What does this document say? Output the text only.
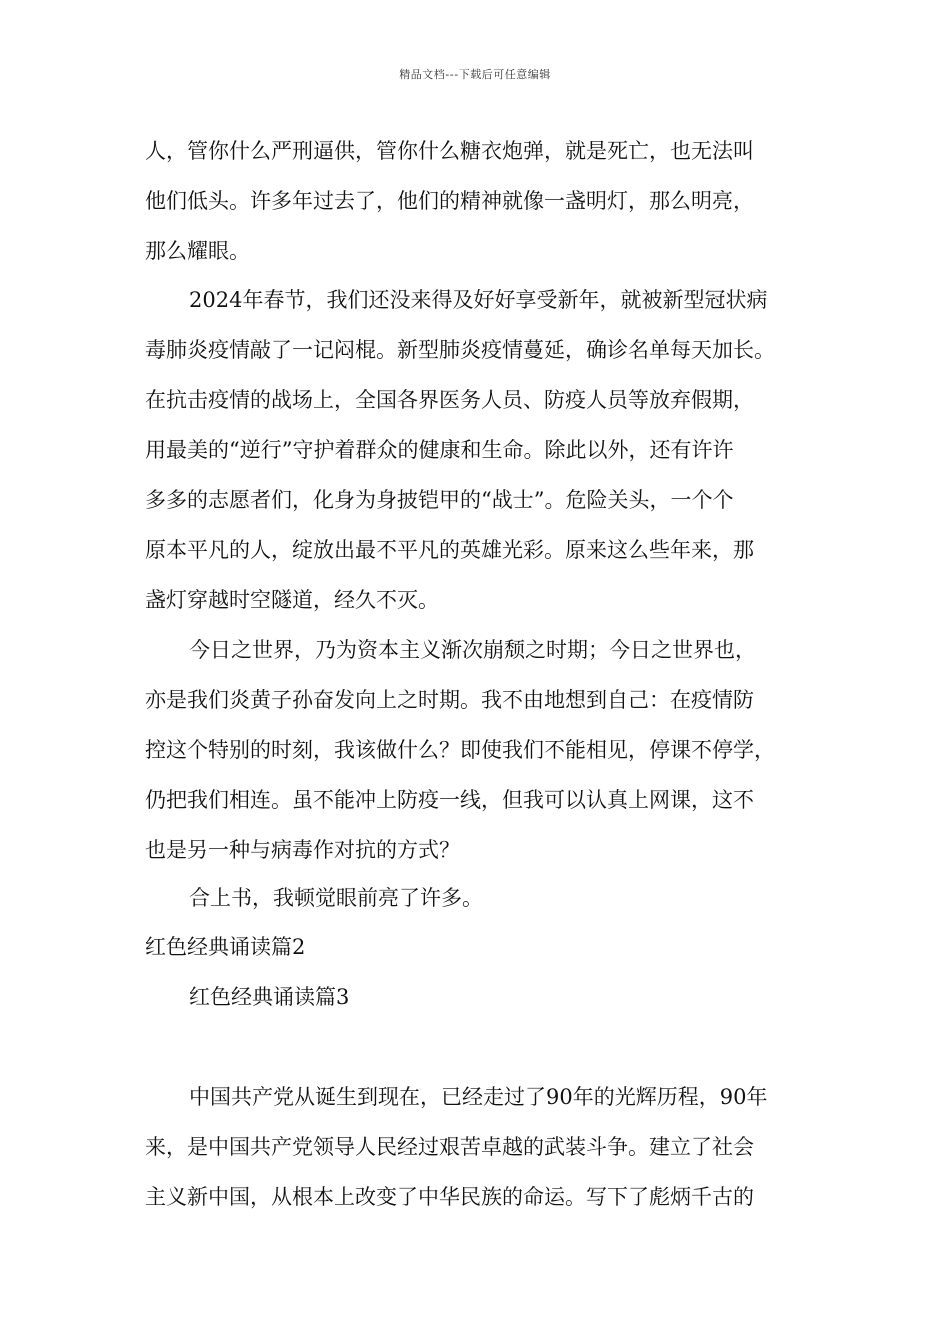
精品文档---下载后可任意编辑
人，管你什么严刑逼供，管你什么糖衣炮弹，就是死亡，也无法叫
他们低头。许多年过去了，他们的精神就像一盏明灯，那么明亮，
那么耀眼。
2024年春节，我们还没来得及好好享受新年，就被新型冠状病
毒肺炎疫情敲了一记闷棍。新型肺炎疫情蔓延，确诊名单每天加长。
在抗击疫情的战场上，全国各界医务人员、防疫人员等放弃假期，
用最美的“逆行”守护着群众的健康和生命。除此以外，还有许许
多多的志愿者们，化身为身披铠甲的“战士”。危险关头，一个个
原本平凡的人，绽放出最不平凡的英雄光彩。原来这么些年来，那
盏灯穿越时空隧道，经久不灭。
今日之世界，乃为资本主义渐次崩颓之时期；今日之世界也，
亦是我们炎黄子孙奋发向上之时期。我不由地想到自己：在疫情防
控这个特别的时刻，我该做什么？即使我们不能相见，停课不停学，
仍把我们相连。虽不能冲上防疫一线，但我可以认真上网课，这不
也是另一种与病毒作对抗的方式？
合上书，我顿觉眼前亮了许多。
红色经典诵读篇2
红色经典诵读篇3
中国共产党从诞生到现在，已经走过了90年的光辉历程，90年
来，是中国共产党领导人民经过艰苦卓越的武装斗争。建立了社会
主义新中国，从根本上改变了中华民族的命运。写下了彪炳千古的
